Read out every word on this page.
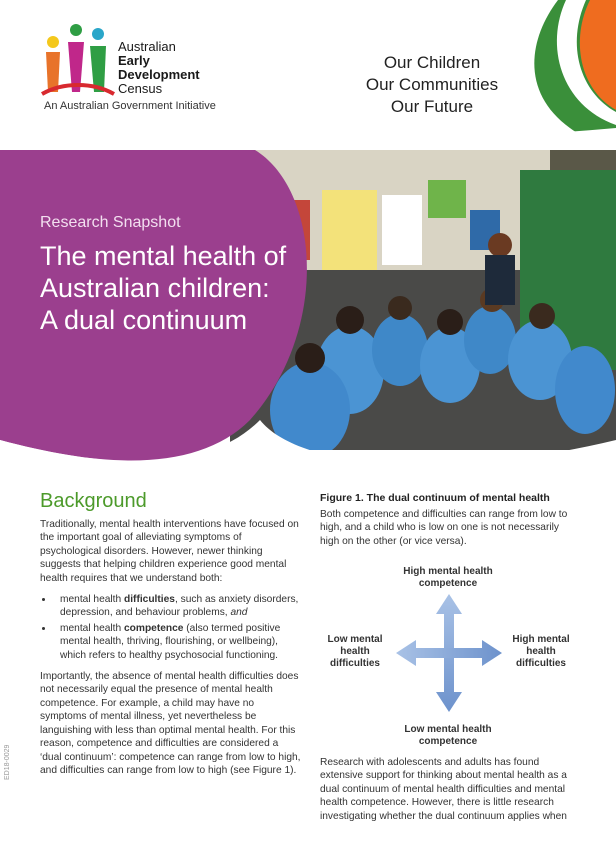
Australian
Early
Development
Census
An Australian Government Initiative
Our Children
Our Communities
Our Future
Research Snapshot
The mental health of Australian children: A dual continuum
Background

Traditionally, mental health interventions have focused on the important goal of alleviating symptoms of psychological disorders. However, newer thinking suggests that helping children experience good mental health requires that we understand both:

• mental health difficulties, such as anxiety disorders, depression, and behaviour problems, and
• mental health competence (also termed positive mental health, thriving, flourishing, or wellbeing), which refers to healthy psychosocial functioning.

Importantly, the absence of mental health difficulties does not necessarily equal the presence of mental health competence. For example, a child may have no symptoms of mental illness, yet nevertheless be languishing with less than optimal mental health. For this reason, competence and difficulties are considered a ‘dual continuum’: competence can range from low to high, and difficulties can range from low to high (see Figure 1).

Figure 1. The dual continuum of mental health
Both competence and difficulties can range from low to high, and a child who is low on one is not necessarily high on the other (or vice versa).
High mental health competence
Low mental health competence
Low mental health difficulties
High mental health difficulties
Research with adolescents and adults has found extensive support for thinking about mental health as a dual continuum of mental health difficulties and mental health competence. However, there is little research investigating whether the dual continuum applies when
ED18-0029
